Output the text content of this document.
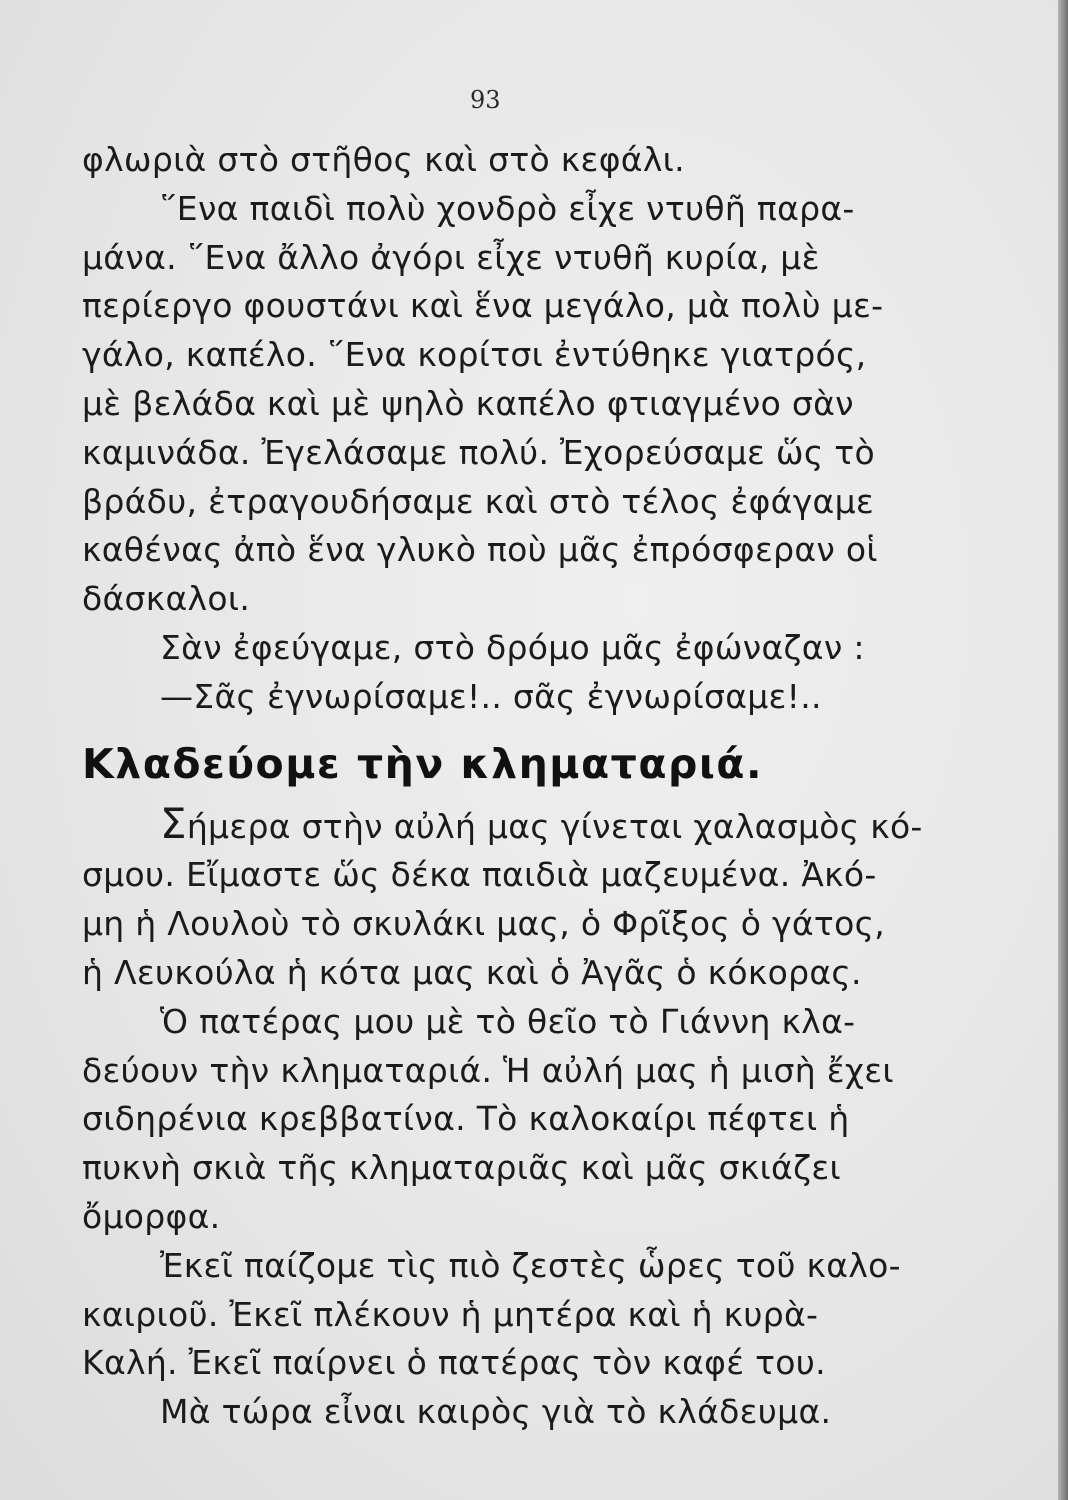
93
φλωριὰ στὸ στῆθος καὶ στὸ κεφάλι.
῞Ενα παιδὶ πολὺ χονδρὸ εἶχε ντυθῆ παρα-
μάνα. ῞Ενα ἄλλο ἀγόρι εἶχε ντυθῆ κυρία, μὲ
περίεργο φουστάνι καὶ ἕνα μεγάλο, μὰ πολὺ με-
γάλο, καπέλο. ῞Ενα κορίτσι ἐντύθηκε γιατρός,
μὲ βελάδα καὶ μὲ ψηλὸ καπέλο φτιαγμένο σὰν
καμινάδα. Ἐγελάσαμε πολύ. Ἐχορεύσαμε ὥς τὸ
βράδυ, ἐτραγουδήσαμε καὶ στὸ τέλος ἐφάγαμε
καθένας ἀπὸ ἕνα γλυκὸ ποὺ μᾶς ἐπρόσφεραν οἱ
δάσκαλοι.
Σὰν ἐφεύγαμε, στὸ δρόμο μᾶς ἐφώναζαν :
—Σᾶς ἐγνωρίσαμε!.. σᾶς ἐγνωρίσαμε!..
Κλαδεύομε τὴν κληματαριά.
Σήμερα στὴν αὐλή μας γίνεται χαλασμὸς κό-
σμου. Εἴμαστε ὥς δέκα παιδιὰ μαζευμένα. Ἀκό-
μη ἡ Λουλοὺ τὸ σκυλάκι μας, ὁ Φρῖξος ὁ γάτος,
ἡ Λευκούλα ἡ κότα μας καὶ ὁ Ἀγᾶς ὁ κόκορας.
Ὁ πατέρας μου μὲ τὸ θεῖο τὸ Γιάννη κλα-
δεύουν τὴν κληματαριά. Ἡ αὐλή μας ἡ μισὴ ἔχει
σιδηρένια κρεββατίνα. Τὸ καλοκαίρι πέφτει ἡ
πυκνὴ σκιὰ τῆς κληματαριᾶς καὶ μᾶς σκιάζει
ὄμορφα.
Ἐκεῖ παίζομε τὶς πιὸ ζεστὲς ὧρες τοῦ καλο-
καιριοῦ. Ἐκεῖ πλέκουν ἡ μητέρα καὶ ἡ κυρὰ-
Καλή. Ἐκεῖ παίρνει ὁ πατέρας τὸν καφέ του.
Μὰ τώρα εἶναι καιρὸς γιὰ τὸ κλάδευμα.
